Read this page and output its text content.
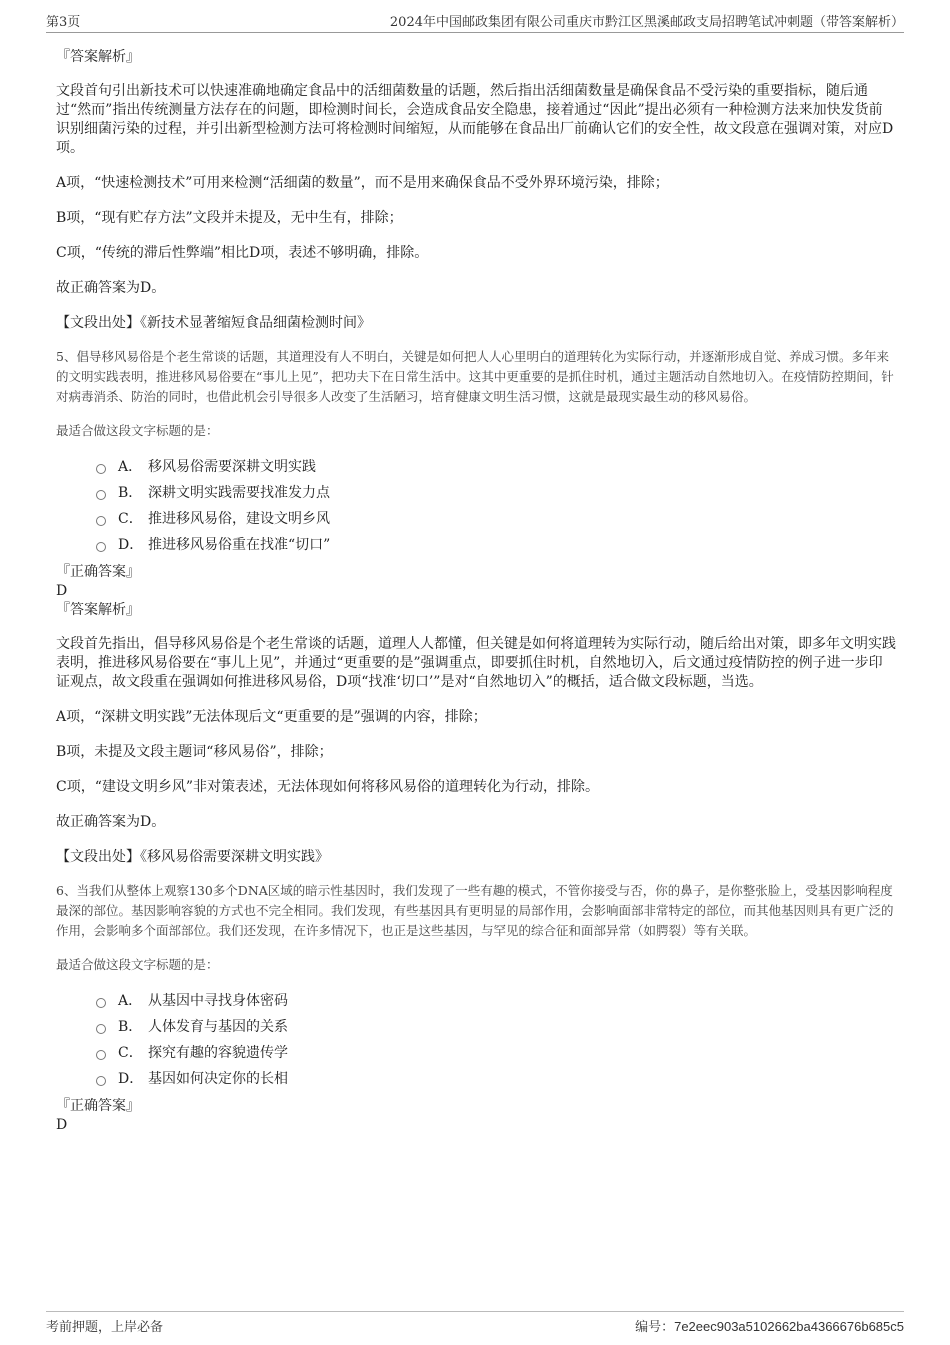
第3页	2024年中国邮政集团有限公司重庆市黔江区黑溪邮政支局招聘笔试冲刺题（带答案解析）

『答案解析』

文段首句引出新技术可以快速准确地确定食品中的活细菌数量的话题，然后指出活细菌数量是确保食品不受污染的重要指标，随后通过“然而”指出传统测量方法存在的问题，即检测时间长，会造成食品安全隐患，接着通过“因此”提出必须有一种检测方法来加快发货前识别细菌污染的过程，并引出新型检测方法可将检测时间缩短，从而能够在食品出厂前确认它们的安全性，故文段意在强调对策，对应D项。

A项，“快速检测技术”可用来检测“活细菌的数量”，而不是用来确保食品不受外界环境污染，排除；

B项，“现有贮存方法”文段并未提及，无中生有，排除；

C项，“传统的滞后性弊端”相比D项，表述不够明确，排除。

故正确答案为D。

【文段出处】《新技术显著缩短食品细菌检测时间》

5、倡导移风易俗是个老生常谈的话题，其道理没有人不明白，关键是如何把人人心里明白的道理转化为实际行动，并逐渐形成自觉、养成习惯。多年来的文明实践表明，推进移风易俗要在“事儿上见”，把功夫下在日常生活中。这其中更重要的是抓住时机，通过主题活动自然地切入。在疫情防控期间，针对病毒消杀、防治的同时，也借此机会引导很多人改变了生活陋习，培育健康文明生活习惯，这就是最现实最生动的移风易俗。

最适合做这段文字标题的是：

A． 移风易俗需要深耕文明实践
B． 深耕文明实践需要找准发力点
C． 推进移风易俗，建设文明乡风
D． 推进移风易俗重在找准“切口”

『正确答案』

D

『答案解析』

文段首先指出，倡导移风易俗是个老生常谈的话题，道理人人都懂，但关键是如何将道理转为实际行动，随后给出对策，即多年文明实践表明，推进移风易俗要在“事儿上见”，并通过“更重要的是”强调重点，即要抓住时机，自然地切入，后文通过疫情防控的例子进一步印证观点，故文段重在强调如何推进移风易俗，D项“找准‘切口’”是对“自然地切入”的概括，适合做文段标题，当选。

A项，“深耕文明实践”无法体现后文“更重要的是”强调的内容，排除；

B项，未提及文段主题词“移风易俗”，排除；

C项，“建设文明乡风”非对策表述，无法体现如何将移风易俗的道理转化为行动，排除。

故正确答案为D。

【文段出处】《移风易俗需要深耕文明实践》

6、当我们从整体上观察130多个DNA区域的暗示性基因时，我们发现了一些有趣的模式，不管你接受与否，你的鼻子，是你整张脸上，受基因影响程度最深的部位。基因影响容貌的方式也不完全相同。我们发现，有些基因具有更明显的局部作用，会影响面部非常特定的部位，而其他基因则具有更广泛的作用，会影响多个面部部位。我们还发现，在许多情况下，也正是这些基因，与罕见的综合征和面部异常（如腭裂）等有关联。

最适合做这段文字标题的是：

A． 从基因中寻找身体密码
B． 人体发育与基因的关系
C． 探究有趣的容貌遗传学
D． 基因如何决定你的长相

『正确答案』

D

考前押题，上岸必备	编号：7e2eec903a5102662ba4366676b685c5
